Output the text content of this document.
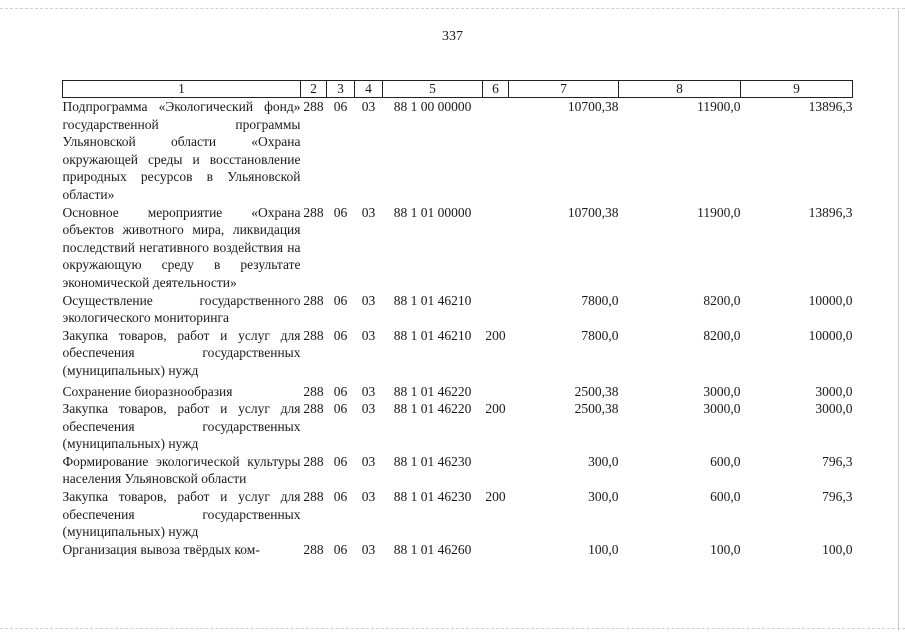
337
1	2	3	4	5	6	7	8	9
Подпрограмма «Экологический фонд» государственной программы Ульяновской области «Охрана окружающей среды и восстановление природных ресурсов в Ульяновской области»	288	06	03	88 1 00 00000		10700,38	11900,0	13896,3
Основное мероприятие «Охрана объектов животного мира, ликвидация последствий негативного воздействия на окружающую среду в результате экономической деятельности»	288	06	03	88 1 01 00000		10700,38	11900,0	13896,3
Осуществление государственного экологического мониторинга	288	06	03	88 1 01 46210		7800,0	8200,0	10000,0
Закупка товаров, работ и услуг для обеспечения государственных (муниципальных) нужд	288	06	03	88 1 01 46210	200	7800,0	8200,0	10000,0
Сохранение биоразнообразия	288	06	03	88 1 01 46220		2500,38	3000,0	3000,0
Закупка товаров, работ и услуг для обеспечения государственных (муниципальных) нужд	288	06	03	88 1 01 46220	200	2500,38	3000,0	3000,0
Формирование экологической культуры населения Ульяновской области	288	06	03	88 1 01 46230		300,0	600,0	796,3
Закупка товаров, работ и услуг для обеспечения государственных (муниципальных) нужд	288	06	03	88 1 01 46230	200	300,0	600,0	796,3
Организация вывоза твёрдых ком-	288	06	03	88 1 01 46260		100,0	100,0	100,0
